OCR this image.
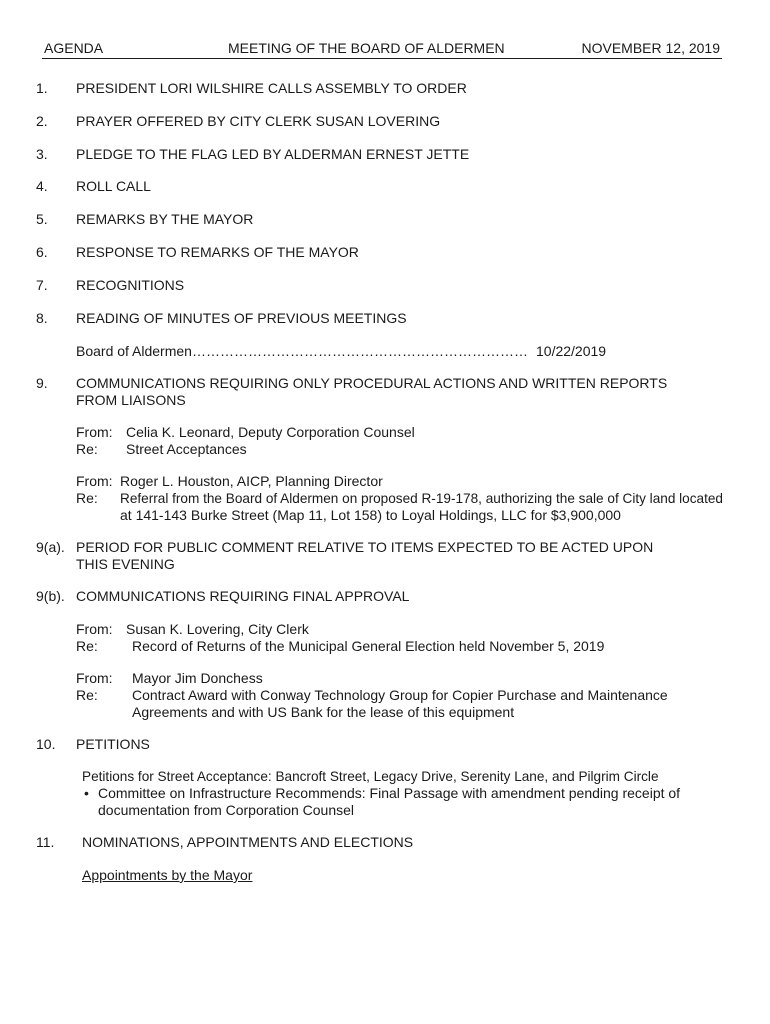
AGENDA	MEETING OF THE BOARD OF ALDERMEN	NOVEMBER 12, 2019
1. PRESIDENT LORI WILSHIRE CALLS ASSEMBLY TO ORDER
2. PRAYER OFFERED BY CITY CLERK SUSAN LOVERING
3. PLEDGE TO THE FLAG LED BY ALDERMAN ERNEST JETTE
4. ROLL CALL
5. REMARKS BY THE MAYOR
6. RESPONSE TO REMARKS OF THE MAYOR
7. RECOGNITIONS
8. READING OF MINUTES OF PREVIOUS MEETINGS
Board of Aldermen……………………………………………………………… 10/22/2019
9. COMMUNICATIONS REQUIRING ONLY PROCEDURAL ACTIONS AND WRITTEN REPORTS
FROM LIAISONS
From: Celia K. Leonard, Deputy Corporation Counsel
Re: Street Acceptances
From: Roger L. Houston, AICP, Planning Director
Re: Referral from the Board of Aldermen on proposed R-19-178, authorizing the sale of City land located
at 141-143 Burke Street (Map 11, Lot 158) to Loyal Holdings, LLC for $3,900,000
9(a). PERIOD FOR PUBLIC COMMENT RELATIVE TO ITEMS EXPECTED TO BE ACTED UPON
THIS EVENING
9(b). COMMUNICATIONS REQUIRING FINAL APPROVAL
From: Susan K. Lovering, City Clerk
Re: Record of Returns of the Municipal General Election held November 5, 2019
From: Mayor Jim Donchess
Re: Contract Award with Conway Technology Group for Copier Purchase and Maintenance
Agreements and with US Bank for the lease of this equipment
10. PETITIONS
Petitions for Street Acceptance: Bancroft Street, Legacy Drive, Serenity Lane, and Pilgrim Circle
• Committee on Infrastructure Recommends: Final Passage with amendment pending receipt of
documentation from Corporation Counsel
11. NOMINATIONS, APPOINTMENTS AND ELECTIONS
Appointments by the Mayor
